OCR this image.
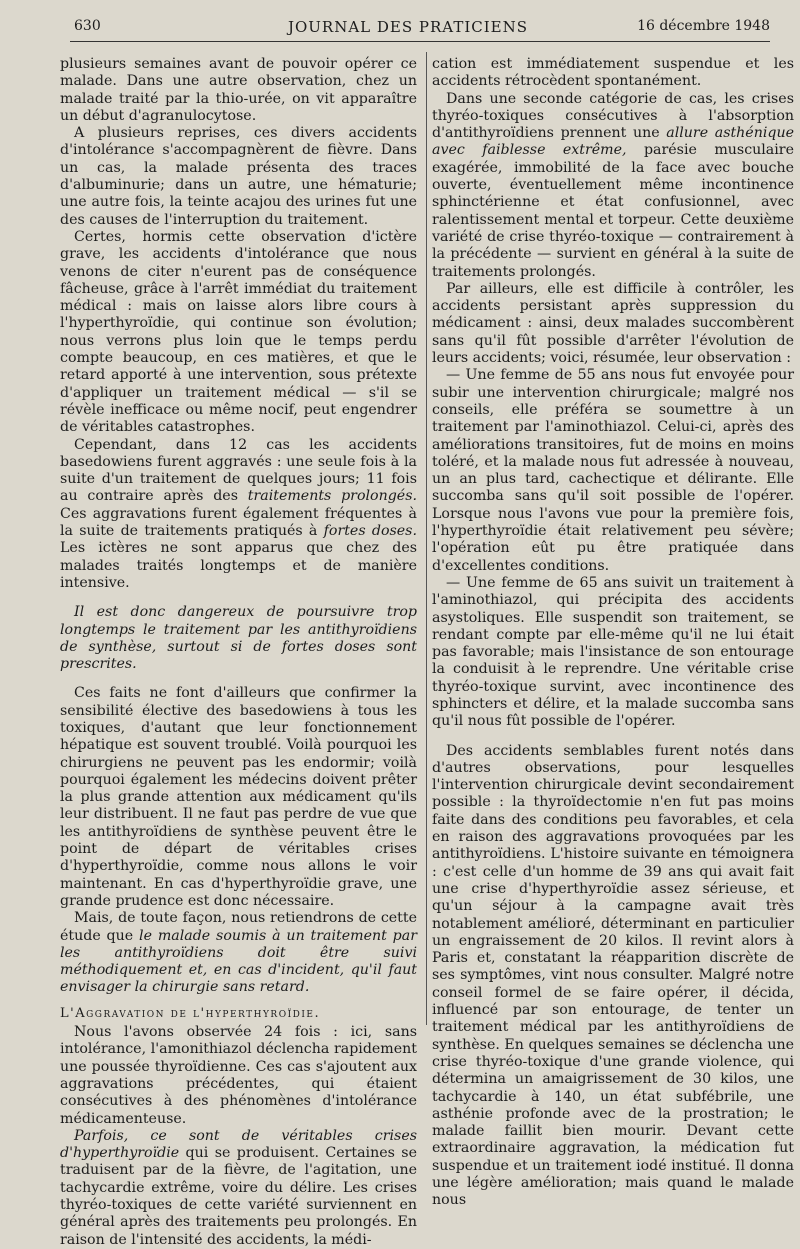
630	JOURNAL DES PRATICIENS	16 décembre 1948

plusieurs semaines avant de pouvoir opérer ce malade. Dans une autre observation, chez un malade traité par la thio-urée, on vit apparaître un début d'agranulocytose.

A plusieurs reprises, ces divers accidents d'intolérance s'accompagnèrent de fièvre. Dans un cas, la malade présenta des traces d'albuminurie; dans un autre, une hématurie; une autre fois, la teinte acajou des urines fut une des causes de l'interruption du traitement.

Certes, hormis cette observation d'ictère grave, les accidents d'intolérance que nous venons de citer n'eurent pas de conséquence fâcheuse, grâce à l'arrêt immédiat du traitement médical : mais on laisse alors libre cours à l'hyperthyroïdie, qui continue son évolution; nous verrons plus loin que le temps perdu compte beaucoup, en ces matières, et que le retard apporté à une intervention, sous prétexte d'appliquer un traitement médical — s'il se révèle inefficace ou même nocif, peut engendrer de véritables catastrophes.

Cependant, dans 12 cas les accidents basedowiens furent aggravés : une seule fois à la suite d'un traitement de quelques jours; 11 fois au contraire après des traitements prolongés. Ces aggravations furent également fréquentes à la suite de traitements pratiqués à fortes doses. Les ictères ne sont apparus que chez des malades traités longtemps et de manière intensive.

Il est donc dangereux de poursuivre trop longtemps le traitement par les antithyroïdiens de synthèse, surtout si de fortes doses sont prescrites.

Ces faits ne font d'ailleurs que confirmer la sensibilité élective des basedowiens à tous les toxiques, d'autant que leur fonctionnement hépatique est souvent troublé. Voilà pourquoi les chirurgiens ne peuvent pas les endormir; voilà pourquoi également les médecins doivent prêter la plus grande attention aux médicament qu'ils leur distribuent. Il ne faut pas perdre de vue que les antithyroïdiens de synthèse peuvent être le point de départ de véritables crises d'hyperthyroïdie, comme nous allons le voir maintenant. En cas d'hyperthyroïdie grave, une grande prudence est donc nécessaire.

Mais, de toute façon, nous retiendrons de cette étude que le malade soumis à un traitement par les antithyroïdiens doit être suivi méthodiquement et, en cas d'incident, qu'il faut envisager la chirurgie sans retard.

L'Aggravation de l'hyperthyroïdie.

Nous l'avons observée 24 fois : ici, sans intolérance, l'amonithiazol déclencha rapidement une poussée thyroïdienne. Ces cas s'ajoutent aux aggravations précédentes, qui étaient consécutives à des phénomènes d'intolérance médicamenteuse.

Parfois, ce sont de véritables crises d'hyperthyroïdie qui se produisent. Certaines se traduisent par de la fièvre, de l'agitation, une tachycardie extrême, voire du délire. Les crises thyréo-toxiques de cette variété surviennent en général après des traitements peu prolongés. En raison de l'intensité des accidents, la médi-

cation est immédiatement suspendue et les accidents rétrocèdent spontanément.

Dans une seconde catégorie de cas, les crises thyréo-toxiques consécutives à l'absorption d'antithyroïdiens prennent une allure asthénique avec faiblesse extrême, parésie musculaire exagérée, immobilité de la face avec bouche ouverte, éventuellement même incontinence sphinctérienne et état confusionnel, avec ralentissement mental et torpeur. Cette deuxième variété de crise thyréo-toxique — contrairement à la précédente — survient en général à la suite de traitements prolongés.

Par ailleurs, elle est difficile à contrôler, les accidents persistant après suppression du médicament : ainsi, deux malades succombèrent sans qu'il fût possible d'arrêter l'évolution de leurs accidents; voici, résumée, leur observation :

— Une femme de 55 ans nous fut envoyée pour subir une intervention chirurgicale; malgré nos conseils, elle préféra se soumettre à un traitement par l'aminothiazol. Celui-ci, après des améliorations transitoires, fut de moins en moins toléré, et la malade nous fut adressée à nouveau, un an plus tard, cachectique et délirante. Elle succomba sans qu'il soit possible de l'opérer. Lorsque nous l'avons vue pour la première fois, l'hyperthyroïdie était relativement peu sévère; l'opération eût pu être pratiquée dans d'excellentes conditions.

— Une femme de 65 ans suivit un traitement à l'aminothiazol, qui précipita des accidents asystoliques. Elle suspendit son traitement, se rendant compte par elle-même qu'il ne lui était pas favorable; mais l'insistance de son entourage la conduisit à le reprendre. Une véritable crise thyréo-toxique survint, avec incontinence des sphincters et délire, et la malade succomba sans qu'il nous fût possible de l'opérer.

Des accidents semblables furent notés dans d'autres observations, pour lesquelles l'intervention chirurgicale devint secondairement possible : la thyroïdectomie n'en fut pas moins faite dans des conditions peu favorables, et cela en raison des aggravations provoquées par les antithyroïdiens. L'histoire suivante en témoignera : c'est celle d'un homme de 39 ans qui avait fait une crise d'hyperthyroïdie assez sérieuse, et qu'un séjour à la campagne avait très notablement amélioré, déterminant en particulier un engraissement de 20 kilos. Il revint alors à Paris et, constatant la réapparition discrète de ses symptômes, vint nous consulter. Malgré notre conseil formel de se faire opérer, il décida, influencé par son entourage, de tenter un traitement médical par les antithyroïdiens de synthèse. En quelques semaines se déclencha une crise thyréo-toxique d'une grande violence, qui détermina un amaigrissement de 30 kilos, une tachycardie à 140, un état subfébrile, une asthénie profonde avec de la prostration; le malade faillit bien mourir. Devant cette extraordinaire aggravation, la médication fut suspendue et un traitement iodé institué. Il donna une légère amélioration; mais quand le malade nous
